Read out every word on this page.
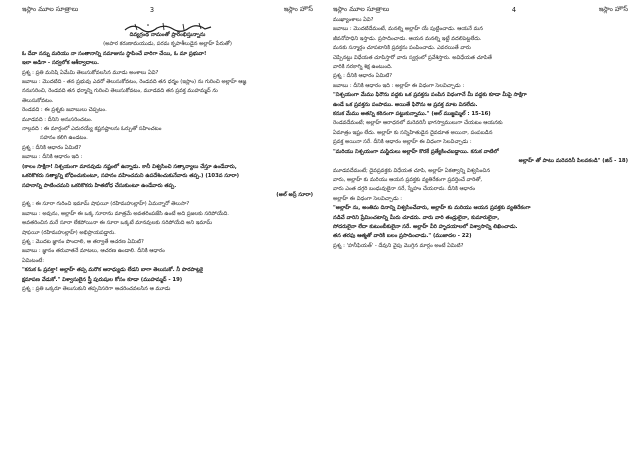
ఇస్లాం మూల సూత్రాలు	3	ఇస్లాం హౌస్

దివ్యగ్రంథ నామంతో ప్రారంభిస్తున్నాను

(అపార కరుణామయుడు, పరమ కృపాశీలుడైన అల్లాహ్ పేరుతో)

ఓ దేవా నన్ను మరియు నా సంతానాన్ని నమాజును స్థాపించే వారిగా చేయి, ఓ మా ప్రభువా!

ఇలా అడిగా - సర్వలోక ఆశీర్వాదాలు.

ప్రశ్న : ప్రతి మనిషి ఏమేమి తెలుసుకోవలసిన మూడు అంశాలు ఏవి?

జవాబు : మొదటిది - తన ప్రభువు ఎవరో తెలుసుకోవటం, రెండవది తన ధర్మం (ఇస్లాం) ను గురించి అల్లాహ్ ఆజ్ఞ

ననుసరించి, రెండవది తన ధర్మాన్ని గురించి తెలుసుకోవటం, మూడవది తన ప్రవక్త ముహమ్మద్ ను

తెలుసుకోవటం.

రెండవది : ఈ ప్రశ్నకు జవాబులు చెప్పటం.

మూడవది : దీనిని అనుసరించటం.

నాల్గవది : ఈ మార్గంలో ఎదురయ్యే కష్టనష్టాలను ఓర్పుతో సహించటం

సహనం కలిగి ఉండటం.

ప్రశ్న : దీనికి ఆధారం ఏమిటి?

జవాబు : దీనికి ఆధారం ఇది :

(కాలం సాక్షిగా! నిశ్చయంగా మానవుడు నష్టంలో ఉన్నాడు. కానీ విశ్వసించి సత్కార్యాలు చేస్తూ ఉండేవారు,

ఒకరికొకరు సత్యాన్ని బోధించుకుంటూ, సహనం వహించమని ఉపదేశించుకునేవారు తప్ప.) (103వ సూరా)

సహనాన్ని పాటించమని ఒకరికొకరు హితబోధ చేసుకుంటూ ఉండేవారు తప్ప.

(అల్ అస్ర్ సూరా)

ప్రశ్న : ఈ సూరా గురించి ఇమామ్ షాఫయీ (రహిమహుల్లాహ్) ఏమన్నారో తెలుసా?

జవాబు : అవును, అల్లాహ్ ఈ ఒక్క సూరాను మాత్రమే అవతరింపజేసి ఉంటే అది ప్రజలకు సరిపోయేది.

అవతరించిన మరే సూరా లేకపోయినా ఈ సూరా ఒక్కటే మానవులకు సరిపోయేది అని ఇమామ్

షాఫయీ (రహిమహుల్లాహ్) అభిప్రాయపడ్డారు.

ప్రశ్న : మొదట జ్ఞానం పొందాలి, ఆ తర్వాతే ఆచరణ ఏమిటి?

జవాబు : జ్ఞానం తరువాతనే మాటలు, ఆచరణ ఉండాలి. దీనికి ఆధారం

ఏమిటంటే:

"కనుక ఓ ప్రవక్తా! అల్లాహ్ తప్ప మరొక ఆరాధ్యుడు లేడని బాగా తెలుసుకో. నీ పొరపాట్లకై

క్షమాపణ వేడుకో." విశ్వాసులైన స్త్రీ పురుషుల కోసం కూడా (ముహమ్మద్ - 19)

ప్రశ్న : ప్రతి ఒక్కరూ తెలుసుకుని తప్పనిసరిగా ఆచరించవలసిన ఆ మూడు

ఇస్లాం మూల సూత్రాలు	4	ఇస్లాం హౌస్

ముఖ్యాంశాలు ఏవి?

జవాబు : మొదటిదేమంటే, మనల్ని అల్లాహ్ యే పుట్టించాడు. ఆయనే మన

జీవనోపాధిని ఇస్తాడు. ప్రసాదించాడు. ఆయన మనల్ని ఇట్టే వదలిపెట్టలేదు.

మనకు సన్మార్గం చూపటానికి ప్రవక్తను పంపించాడు. ఎవరయితే వారు

చెప్పినట్టు విధేయత చూపిస్తారో వారు స్వర్గంలో ప్రవేశిస్తారు. అవిధేయత చూపితే

వారికి నరకాగ్ని శిక్ష ఉంటుంది.

ప్రశ్న : దీనికి ఆధారం ఏమిటి?

జవాబు : దీనికి ఆధారం ఇది : అల్లాహ్ ఈ విధంగా సెలవిచ్చాడు :

"నిశ్చయంగా మేము ఫిరౌను వద్దకు ఒక ప్రవక్తను పంపిన విధంగానే మీ వద్దకు కూడా మీపై సాక్షిగా

ఉండే ఒక ప్రవక్తను పంపాము. అయితే ఫిరౌను ఆ ప్రవక్త మాట వినలేదు.

కనుక మేము అతన్ని కఠినంగా పట్టుకున్నాము." (అల్ ముజ్జమ్మిల్ : 15-16)

రెండవదేమంటే; అల్లాహ్ ఆరాధనలో మరెవరినీ భాగస్వాములుగా చేయటం ఆయనకు

ఏమాత్రం ఇష్టం లేదు. అల్లాహ్ కు సన్నిహితుడైన దైవదూత అయినా, పంపబడిన

ప్రవక్త అయినా సరే. దీనికి ఆధారం అల్లాహ్ ఈ విధంగా సెలవిచ్చాడు :

"మరియు నిశ్చయంగా మస్జిదులు అల్లాహ్ కొరకే ప్రత్యేకించబడ్డాయి. కనుక వాటిలో

అల్లాహ్ తో పాటు మరెవరినీ పిలవకండి" (జిన్ - 18)

మూడవదేమంటే; దైవప్రవక్తకు విధేయత చూపి, అల్లాహ్ ఏకత్వాన్ని విశ్వసించిన

వారు, అల్లాహ్ కు మరియు ఆయన ప్రవక్తకు వ్యతిరేకంగా ప్రవర్తించే వారితో,

వారు ఎంత దగ్గరి బంధువులైనా సరే, స్నేహం చేయరాదు. దీనికి ఆధారం

అల్లాహ్ ఈ విధంగా సెలవిచ్చాడు :

"అల్లాహ్ ను, అంతిమ దినాన్ని విశ్వసించేవారు, అల్లాహ్ కు మరియు ఆయన ప్రవక్తకు వ్యతిరేకంగా

నడిచే వారిని ప్రేమించటాన్ని మీరు చూడరు. వారు వారి తండ్రులైనా, కుమారులైనా,

సోదరులైనా లేదా కుటుంబీకులైనా సరే. అల్లాహ్ వీరి హృదయాలలో విశ్వాసాన్ని లిఖించాడు.

తన తరఫు ఆత్మతో వారికి బలం ప్రసాదించాడు." (ముజాదల - 22)

ప్రశ్న : 'హనీఫియత్' - దేవుని వైపు మొగ్గిన మార్గం అంటే ఏమిటి?
